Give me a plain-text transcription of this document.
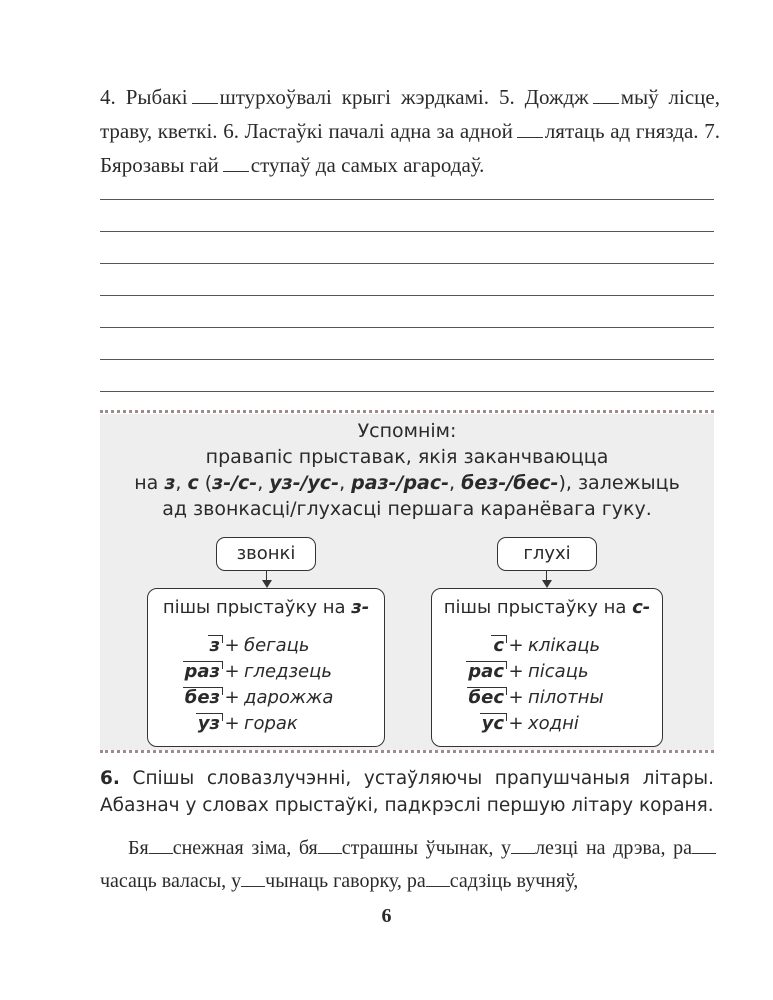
4. Рыбакі штурхоўвалі крыгі жэрдкамі. 5. Дождж мыў лісце, траву, кветкі. 6. Ластаўкі пачалі адна за адной лятаць ад гнязда. 7. Бярозавы гай ступаў да самых агародаў.
Успомнім:
правапіс прыставак, якія заканчваюцца
на з, с (з-/с-, уз-/ус-, раз-/рас-, без-/бес-), залежыць
ад звонкасці/глухасці першага каранёвага гуку.
звонкі
пішы прыстаўку на з-
з + бегаць
раз + гледзець
без + дарожжа
уз + горак
глухі
пішы прыстаўку на с-
с + клікаць
рас + пісаць
бес + пілотны
ус + ходні
6. Спішы словазлучэнні, устаўляючы прапушчаныя літары. Абазнач у словах прыстаўкі, падкрэслі першую літару кораня.
Бя снежная зіма, бя страшны ўчынак, у лезці на дрэва, рачасаць валасы, у чынаць гаворку, ра садзіць вучняў,
6
